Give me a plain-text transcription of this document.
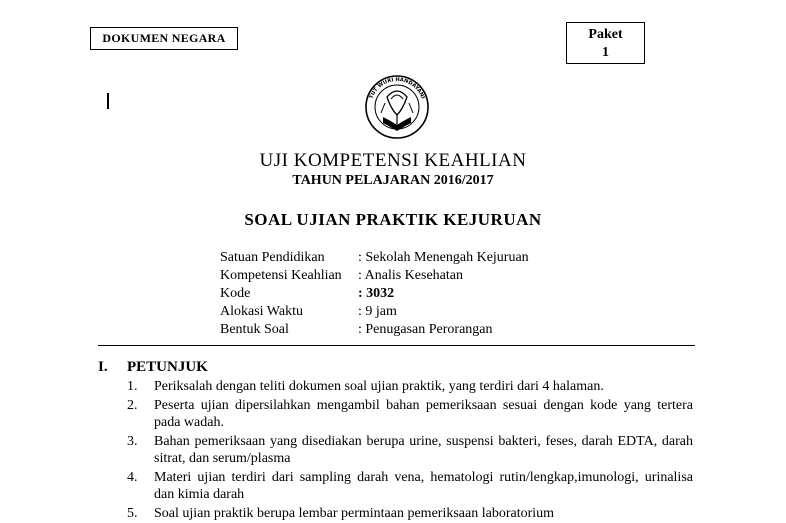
DOKUMEN NEGARA	Paket
1
TUT WURI HANDAYANI
UJI KOMPETENSI KEAHLIAN
TAHUN PELAJARAN 2016/2017
SOAL UJIAN PRAKTIK KEJURUAN
Satuan Pendidikan	: Sekolah Menengah Kejuruan
Kompetensi Keahlian	: Analis Kesehatan
Kode	: 3032
Alokasi Waktu	: 9 jam
Bentuk Soal	: Penugasan Perorangan
I. PETUNJUK
1.	Periksalah dengan teliti dokumen soal ujian praktik, yang terdiri dari 4 halaman.
2.	Peserta ujian dipersilahkan mengambil bahan pemeriksaan sesuai dengan kode yang tertera pada wadah.
3.	Bahan pemeriksaan yang disediakan berupa urine, suspensi bakteri, feses, darah EDTA, darah sitrat, dan serum/plasma
4.	Materi ujian terdiri dari sampling darah vena, hematologi rutin/lengkap,imunologi, urinalisa dan kimia darah
5.	Soal ujian praktik berupa lembar permintaan pemeriksaan laboratorium
